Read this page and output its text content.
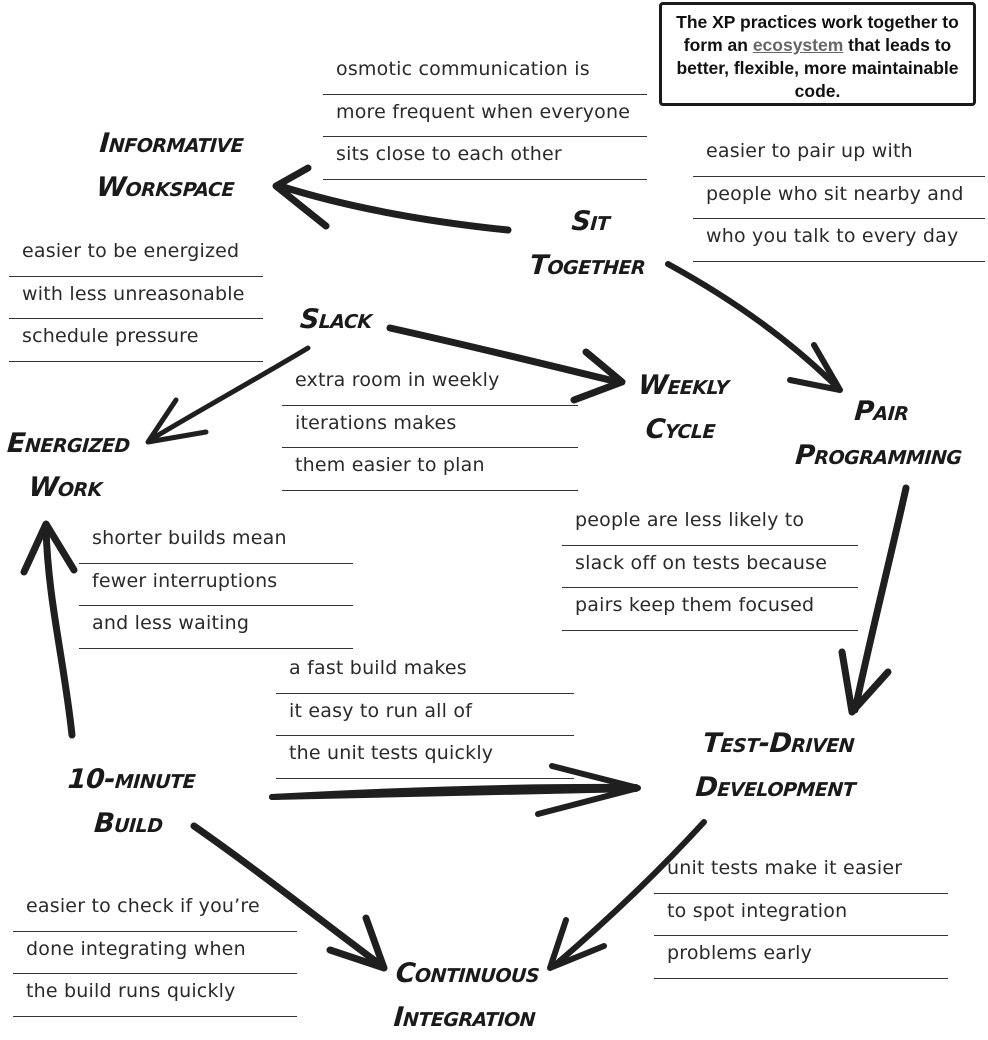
The XP practices work together to form an ecosystem that leads to better, flexible, more maintainable code.
Informative
Workspace
Sit
Together
Slack
Weekly
Cycle
Pair
Programming
Energized
Work
10-minute
Build
Test-Driven
Development
Continuous
Integration
osmotic communication is
more frequent when everyone
sits close to each other	easier to pair up with
people who sit nearby and
who you talk to every day
easier to be energized
with less unreasonable
schedule pressure
extra room in weekly
iterations makes
them easier to plan
shorter builds mean
fewer interruptions
and less waiting
people are less likely to
slack off on tests because
pairs keep them focused
a fast build makes
it easy to run all of
the unit tests quickly
unit tests make it easier
to spot integration
problems early
easier to check if you’re
done integrating when
the build runs quickly
